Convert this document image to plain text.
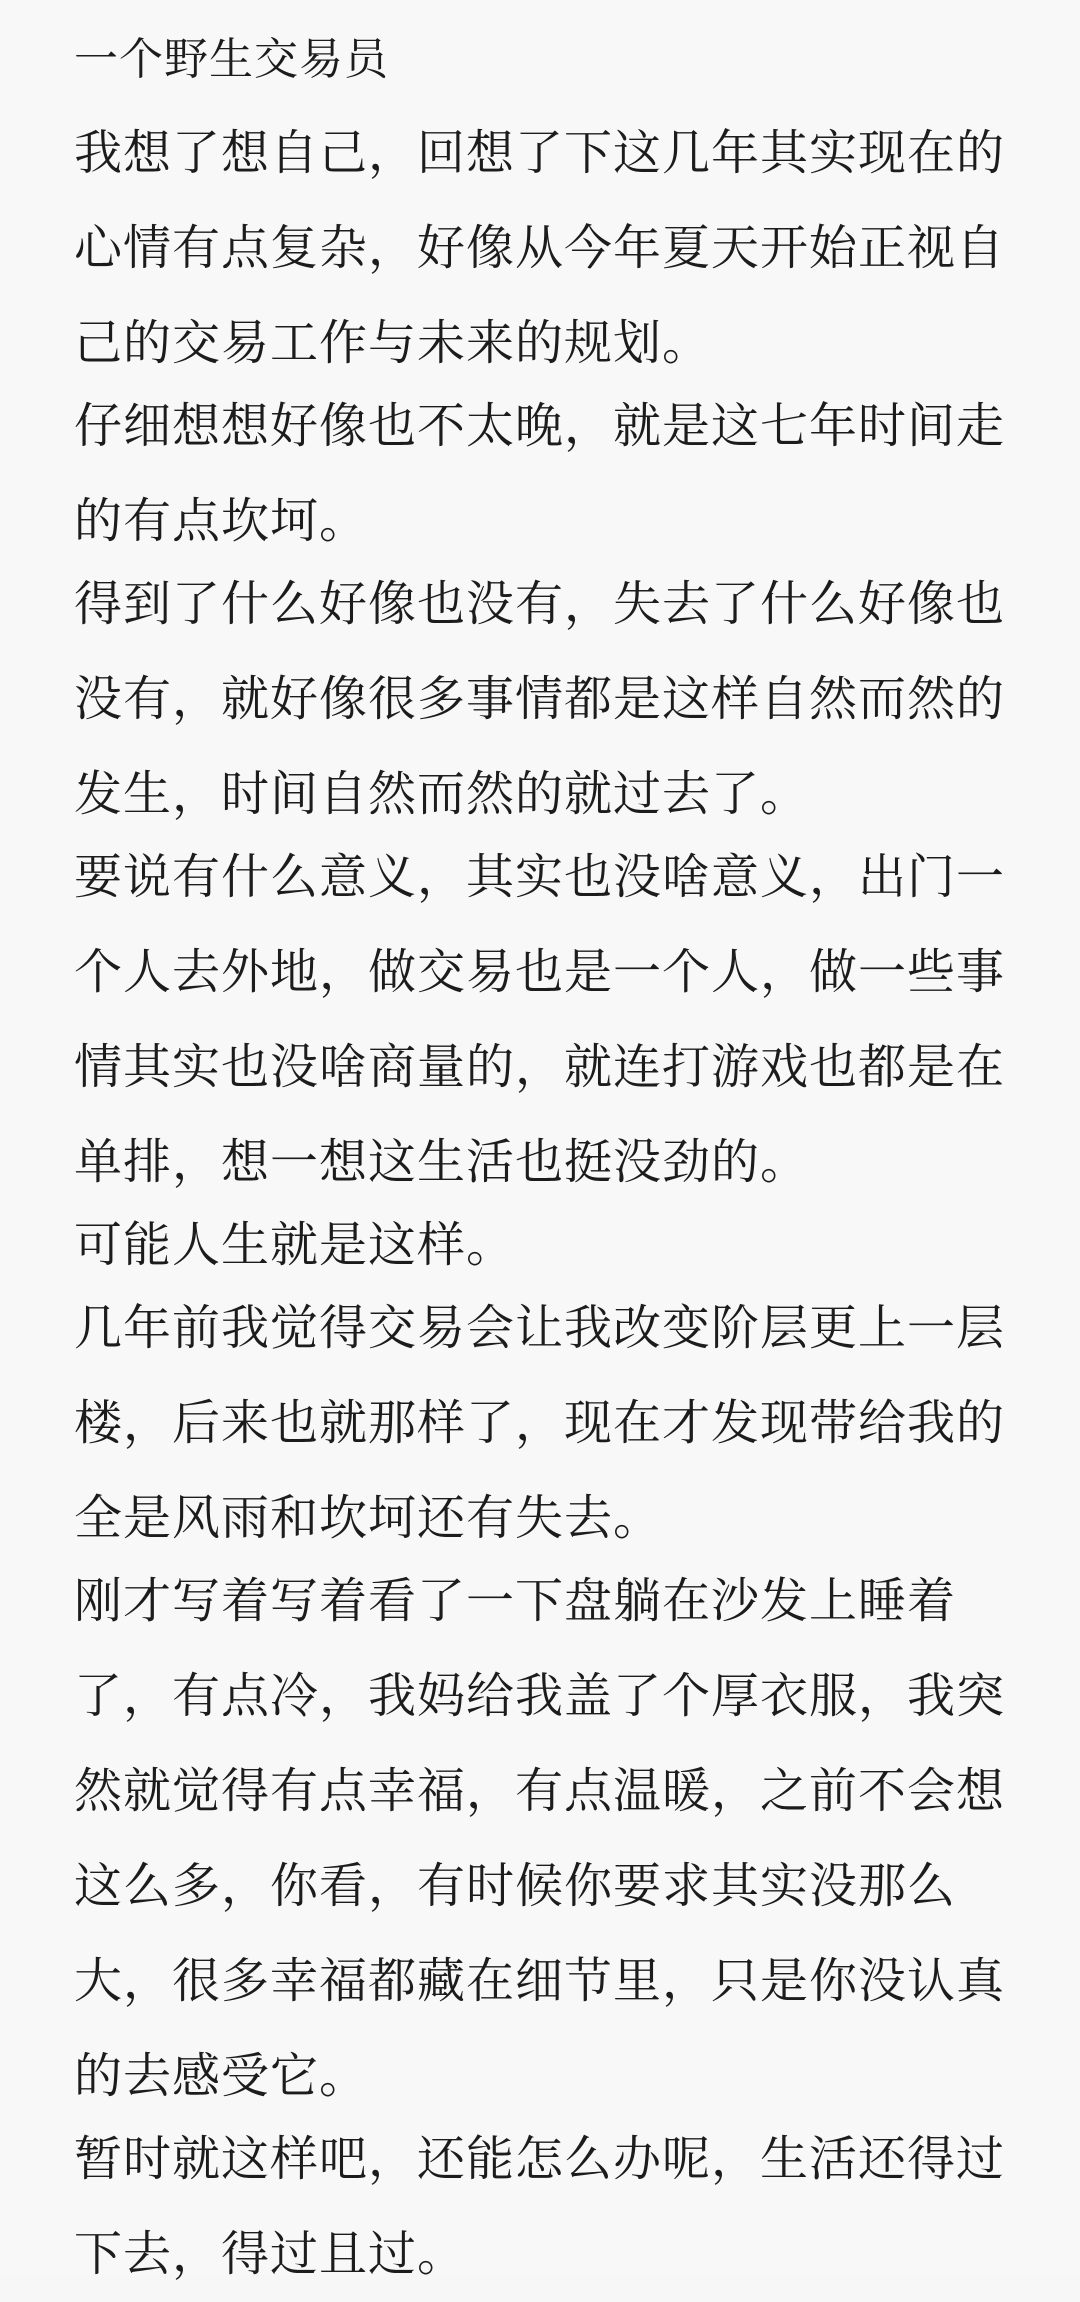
一个野生交易员

我想了想自己，回想了下这几年其实现在的
心情有点复杂，好像从今年夏天开始正视自
己的交易工作与未来的规划。

仔细想想好像也不太晚，就是这七年时间走
的有点坎坷。

得到了什么好像也没有，失去了什么好像也
没有，就好像很多事情都是这样自然而然的
发生，时间自然而然的就过去了。

要说有什么意义，其实也没啥意义，出门一
个人去外地，做交易也是一个人，做一些事
情其实也没啥商量的，就连打游戏也都是在
单排，想一想这生活也挺没劲的。

可能人生就是这样。

几年前我觉得交易会让我改变阶层更上一层
楼，后来也就那样了，现在才发现带给我的
全是风雨和坎坷还有失去。

刚才写着写着看了一下盘躺在沙发上睡着
了，有点冷，我妈给我盖了个厚衣服，我突
然就觉得有点幸福，有点温暖，之前不会想
这么多，你看，有时候你要求其实没那么
大，很多幸福都藏在细节里，只是你没认真
的去感受它。

暂时就这样吧，还能怎么办呢，生活还得过
下去，得过且过。
